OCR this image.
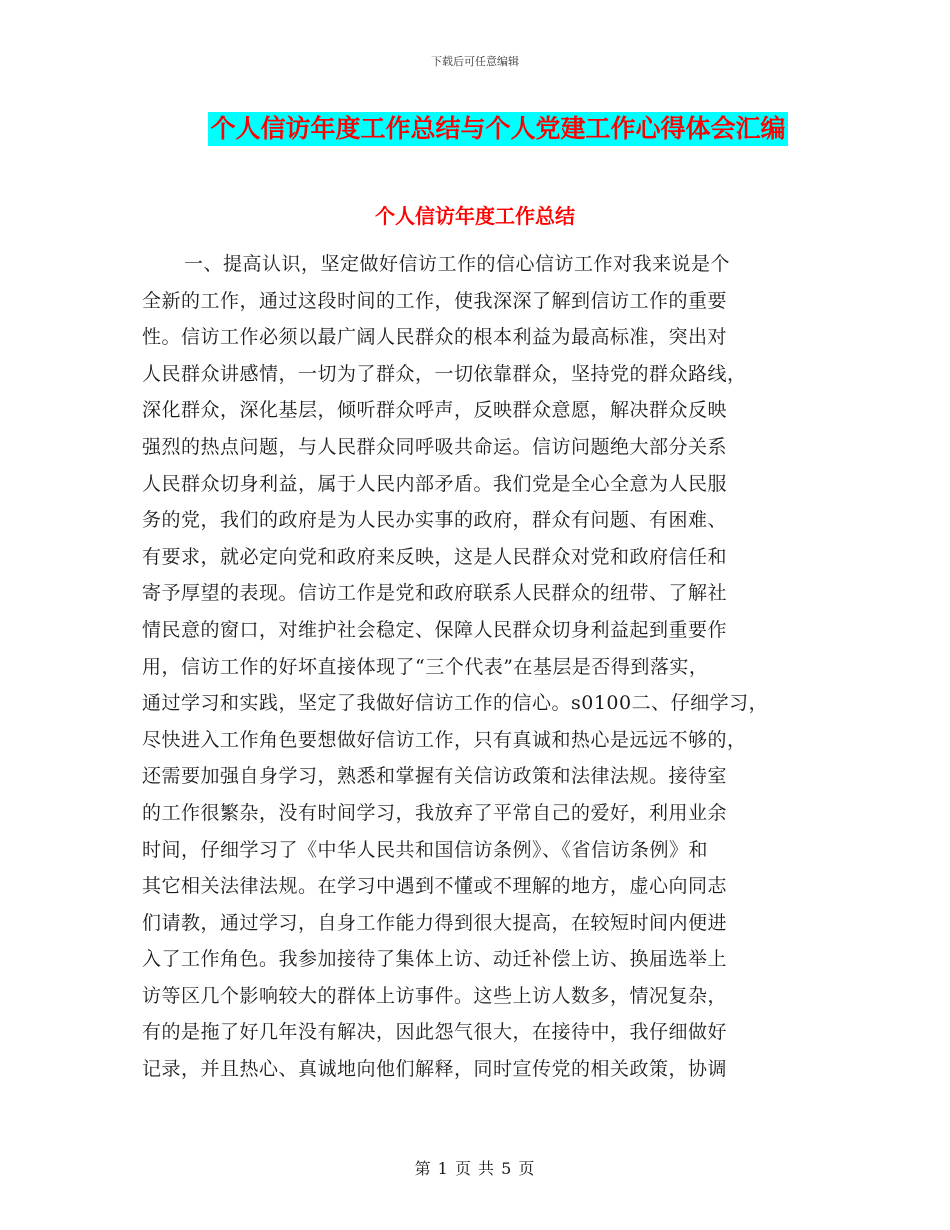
下载后可任意编辑
个人信访年度工作总结与个人党建工作心得体会汇编
个人信访年度工作总结
一、提高认识，坚定做好信访工作的信心信访工作对我来说是个
全新的工作，通过这段时间的工作，使我深深了解到信访工作的重要
性。信访工作必须以最广阔人民群众的根本利益为最高标准，突出对
人民群众讲感情，一切为了群众，一切依靠群众，坚持党的群众路线，
深化群众，深化基层，倾听群众呼声，反映群众意愿，解决群众反映
强烈的热点问题，与人民群众同呼吸共命运。信访问题绝大部分关系
人民群众切身利益，属于人民内部矛盾。我们党是全心全意为人民服
务的党，我们的政府是为人民办实事的政府，群众有问题、有困难、
有要求，就必定向党和政府来反映，这是人民群众对党和政府信任和
寄予厚望的表现。信访工作是党和政府联系人民群众的纽带、了解社
情民意的窗口，对维护社会稳定、保障人民群众切身利益起到重要作
用，信访工作的好坏直接体现了“三个代表”在基层是否得到落实，
通过学习和实践，坚定了我做好信访工作的信心。s0100二、仔细学习，
尽快进入工作角色要想做好信访工作，只有真诚和热心是远远不够的，
还需要加强自身学习，熟悉和掌握有关信访政策和法律法规。接待室
的工作很繁杂，没有时间学习，我放弃了平常自己的爱好，利用业余
时间，仔细学习了《中华人民共和国信访条例》、《省信访条例》和
其它相关法律法规。在学习中遇到不懂或不理解的地方，虚心向同志
们请教，通过学习，自身工作能力得到很大提高，在较短时间内便进
入了工作角色。我参加接待了集体上访、动迁补偿上访、换届选举上
访等区几个影响较大的群体上访事件。这些上访人数多，情况复杂，
有的是拖了好几年没有解决，因此怨气很大，在接待中，我仔细做好
记录，并且热心、真诚地向他们解释，同时宣传党的相关政策，协调
第 1 页 共 5 页
